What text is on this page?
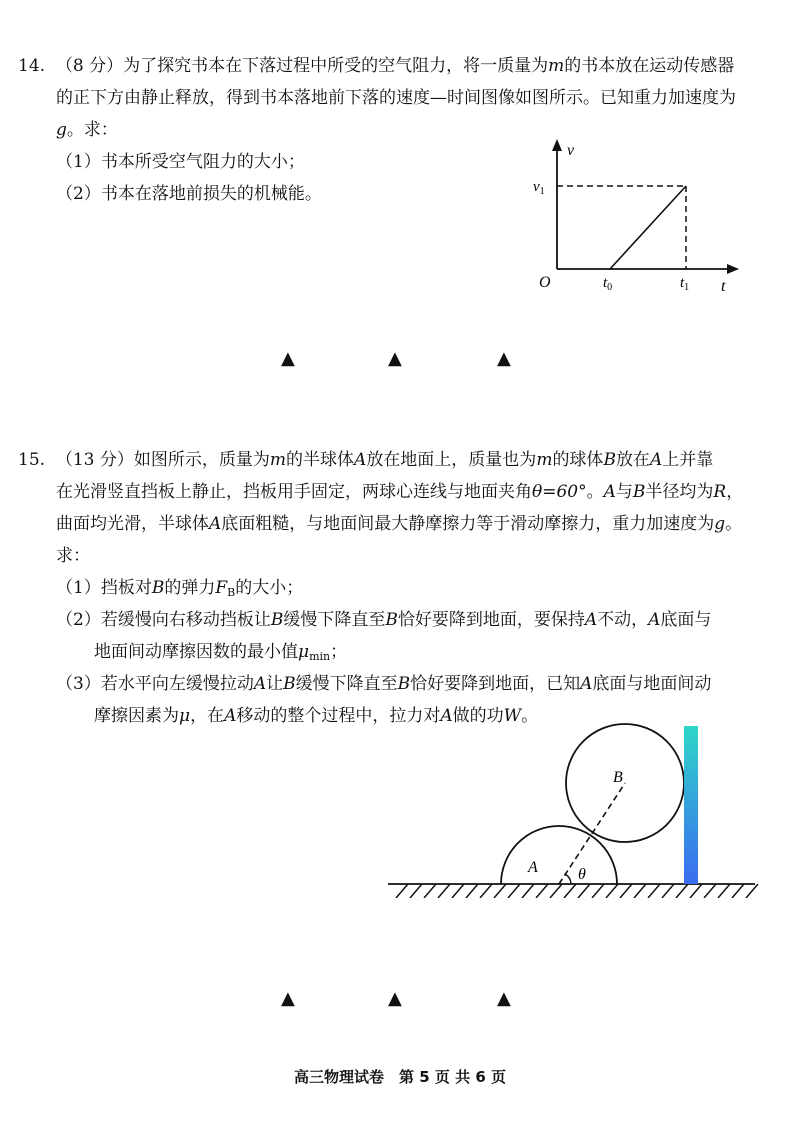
14. （8 分）为了探究书本在下落过程中所受的空气阻力，将一质量为m的书本放在运动传感器
的正下方由静止释放，得到书本落地前下落的速度—时间图像如图所示。已知重力加速度为
g。求：
（1）书本所受空气阻力的大小；
（2）书本在落地前损失的机械能。
v
$v_1$
O	$t_0$	$t_1$ t
▲	▲	▲
15. （13 分）如图所示，质量为m的半球体A放在地面上，质量也为m的球体B放在A上并靠
在光滑竖直挡板上静止，挡板用手固定，两球心连线与地面夹角θ=60°。A与B半径均为R，
曲面均光滑，半球体A底面粗糙，与地面间最大静摩擦力等于滑动摩擦力，重力加速度为g。
求：
（1）挡板对B的弹力$F_B$的大小；
（2）若缓慢向右移动挡板让B缓慢下降直至B恰好要降到地面，要保持A不动，A底面与
地面间动摩擦因数的最小值$\mu_{min}$；
（3）若水平向左缓慢拉动A让B缓慢下降直至B恰好要降到地面，已知A底面与地面间动
摩擦因素为μ，在A移动的整个过程中，拉力对A做的功W。
A
B
θ
▲	▲	▲
高三物理试卷　第 5 页 共 6 页
